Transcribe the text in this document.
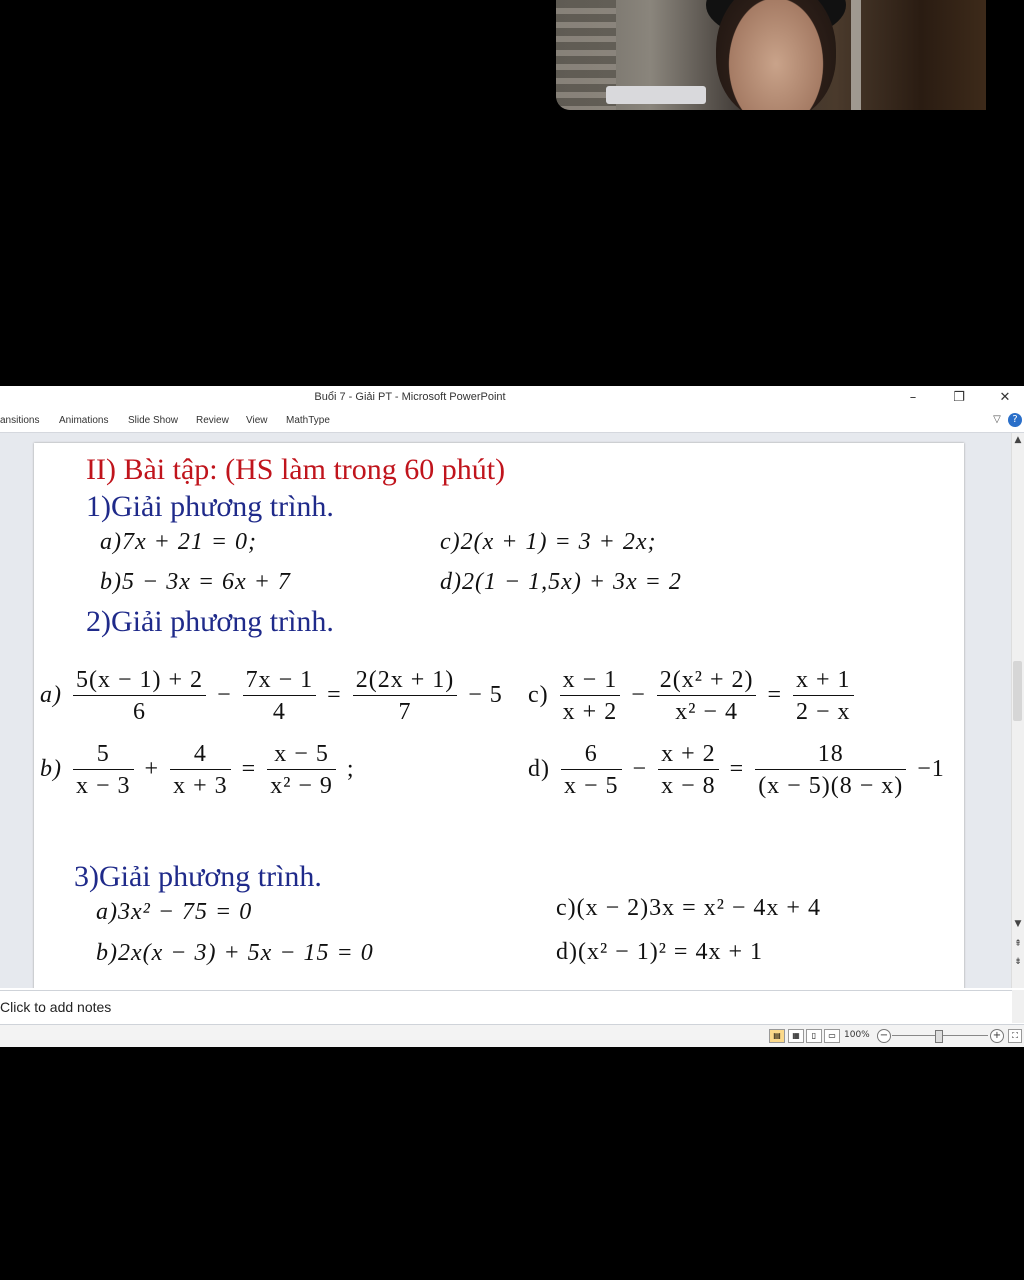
Buổi 7 - Giải PT - Microsoft PowerPoint	–	❐	✕
ansitions Animations Slide Show Review View MathType	▽ ?
II) Bài tập: (HS làm trong 60 phút)
1)Giải phương trình.
a)7x + 21 = 0;	c)2(x + 1) = 3 + 2x;
b)5 − 3x = 6x + 7	d)2(1 − 1,5x) + 3x = 2
2)Giải phương trình.
$a) \frac{5(x - 1) + 2}{6} - \frac{7x - 1}{4} = \frac{2(2x + 1)}{7} - 5$ $c) \frac{x - 1}{x + 2} - \frac{\text{2(x² + 2)}}{\text{x² − 4}} = \frac{x + 1}{2 - x}$
$b) \frac{5}{x - 3} + \frac{4}{x + 3} = \frac{x - 5}{\text{x² − 9}}$ ;	$d) \frac{6}{x - 5} - \frac{x + 2}{x - 8} = \frac{18}{(x - 5)(8 - x)} -1$
3)Giải phương trình.
a)3x² − 75 = 0	c)(x − 2)3x = x² − 4x + 4
b)2x(x − 3) + 5x − 15 = 0	d)(x² − 1)² = 4x + 1
▲
▼
⇞
⇟
Click to add notes
▤	▦	▯	▭ 100% −	+	⛶
